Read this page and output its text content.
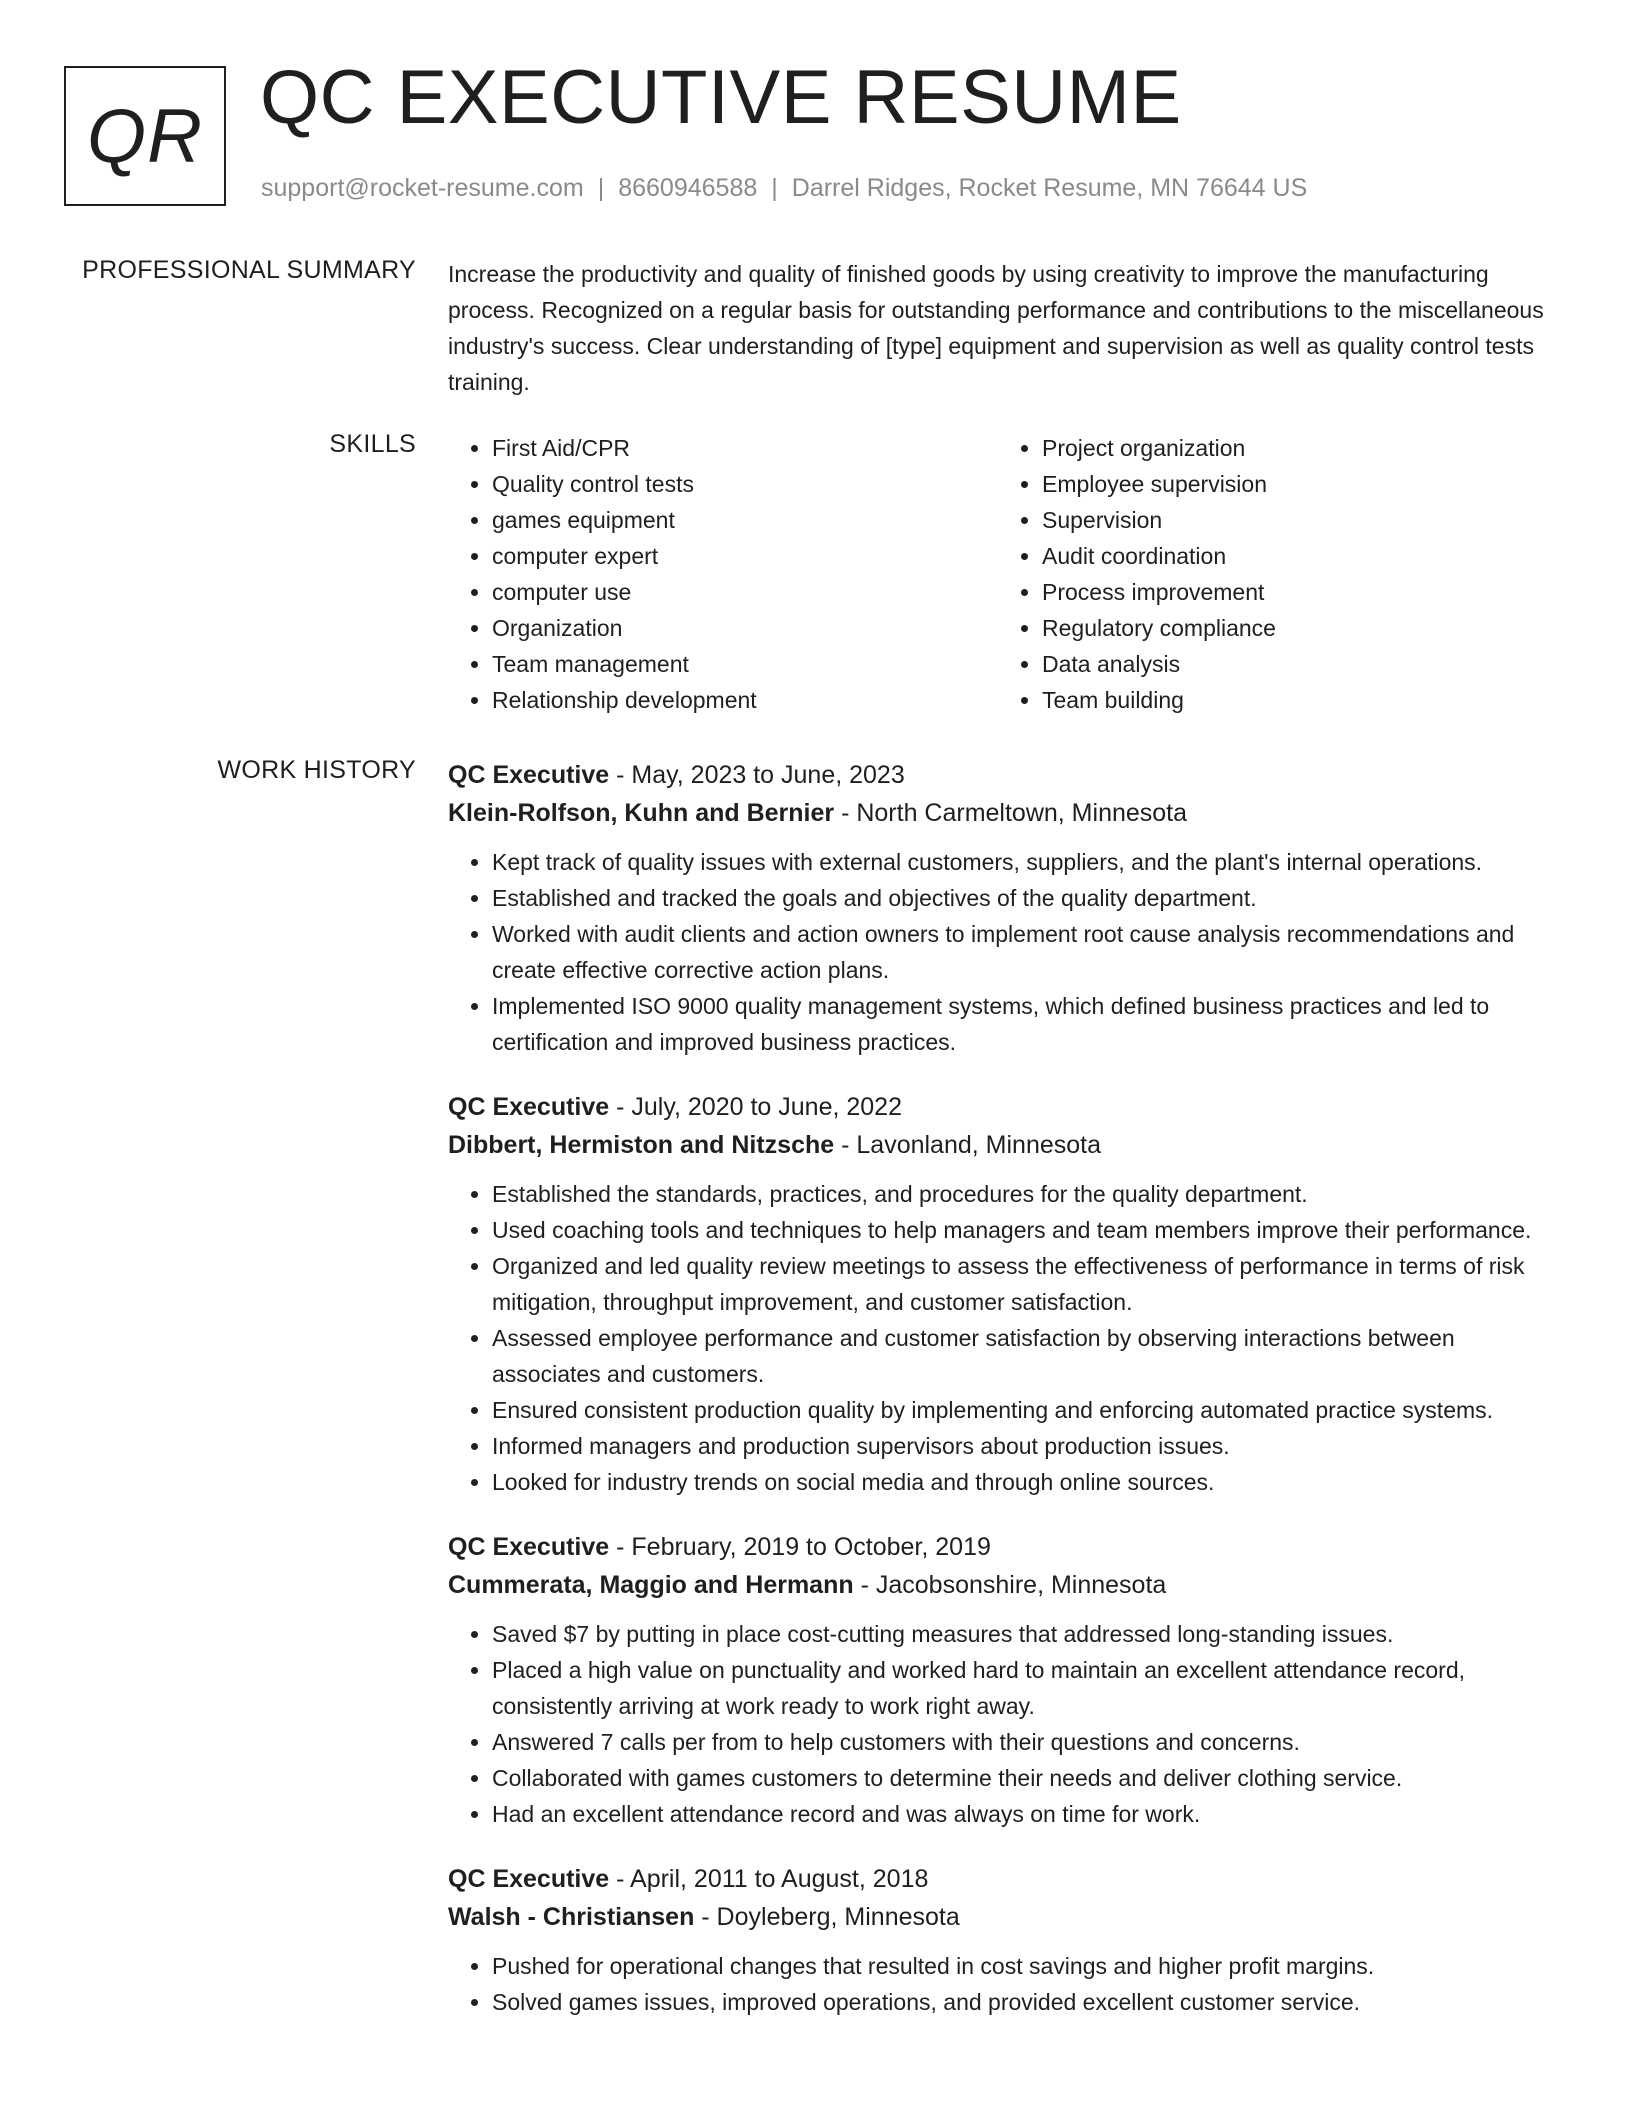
QR QC EXECUTIVE RESUME
support@rocket-resume.com | 8660946588 | Darrel Ridges, Rocket Resume, MN 76644 US
PROFESSIONAL SUMMARY Increase the productivity and quality of finished goods by using creativity to improve the manufacturing process. Recognized on a regular basis for outstanding performance and contributions to the miscellaneous industry's success. Clear understanding of [type] equipment and supervision as well as quality control tests training.
SKILLS
•	First Aid/CPR
• Quality control tests
• games equipment
• computer expert
• computer use
• Organization
• Team management
• Relationship development
• Project organization
• Employee supervision
• Supervision
• Audit coordination
• Process improvement
• Regulatory compliance
• Data analysis
• Team building
WORK HISTORY QC Executive - May, 2023 to June, 2023
Klein-Rolfson, Kuhn and Bernier - North Carmeltown, Minnesota
• Kept track of quality issues with external customers, suppliers, and the plant's internal operations.
• Established and tracked the goals and objectives of the quality department.
• Worked with audit clients and action owners to implement root cause analysis recommendations and create effective corrective action plans.
• Implemented ISO 9000 quality management systems, which defined business practices and led to certification and improved business practices.
QC Executive - July, 2020 to June, 2022
Dibbert, Hermiston and Nitzsche - Lavonland, Minnesota
• Established the standards, practices, and procedures for the quality department.
• Used coaching tools and techniques to help managers and team members improve their performance.
• Organized and led quality review meetings to assess the effectiveness of performance in terms of risk mitigation, throughput improvement, and customer satisfaction.
• Assessed employee performance and customer satisfaction by observing interactions between associates and customers.
• Ensured consistent production quality by implementing and enforcing automated practice systems.
• Informed managers and production supervisors about production issues.
• Looked for industry trends on social media and through online sources.
QC Executive - February, 2019 to October, 2019
Cummerata, Maggio and Hermann - Jacobsonshire, Minnesota
• Saved $7 by putting in place cost-cutting measures that addressed long-standing issues.
• Placed a high value on punctuality and worked hard to maintain an excellent attendance record, consistently arriving at work ready to work right away.
• Answered 7 calls per from to help customers with their questions and concerns.
• Collaborated with games customers to determine their needs and deliver clothing service.
• Had an excellent attendance record and was always on time for work.
QC Executive - April, 2011 to August, 2018
Walsh - Christiansen - Doyleberg, Minnesota
• Pushed for operational changes that resulted in cost savings and higher profit margins.
• Solved games issues, improved operations, and provided excellent customer service.
